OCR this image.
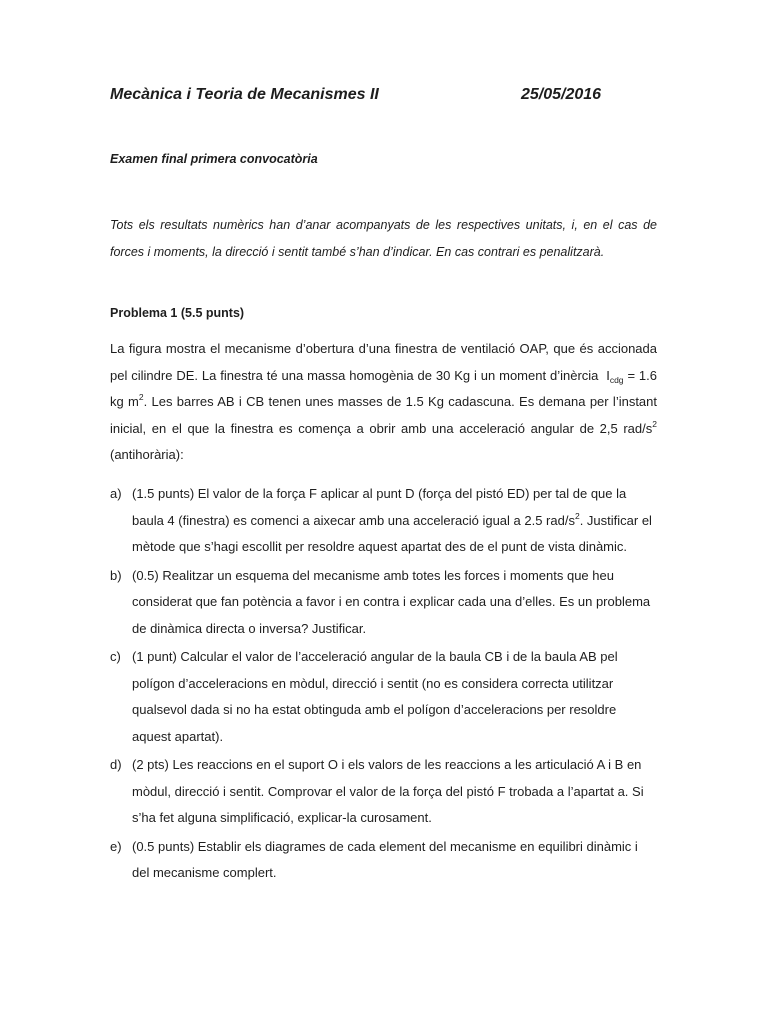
Mecànica i Teoria de Mecanismes II	25/05/2016
Examen final primera convocatòria

Tots els resultats numèrics han d’anar acompanyats de les respectives unitats, i, en el cas de forces i moments, la direcció i sentit també s’han d’indicar. En cas contrari es penalitzarà.

Problema 1 (5.5 punts)

La figura mostra el mecanisme d’obertura d’una finestra de ventilació OAP, que és accionada pel cilindre DE. La finestra té una massa homogènia de 30 Kg i un moment d’inèrcia $I_{cdg} = 1.6$ kg $m^2$. Les barres AB i CB tenen unes masses de 1.5 Kg cadascuna. Es demana per l’instant inicial, en el que la finestra es comença a obrir amb una acceleració angular de 2,5 rad/$s^2$ (antihorària):

a) (1.5 punts) El valor de la força F aplicar al punt D (força del pistó ED) per tal de que la baula 4 (finestra) es comenci a aixecar amb una acceleració igual a 2.5 rad/$s^2$. Justificar el mètode que s’hagi escollit per resoldre aquest apartat des de el punt de vista dinàmic.
b) (0.5) Realitzar un esquema del mecanisme amb totes les forces i moments que heu considerat que fan potència a favor i en contra i explicar cada una d’elles. Es un problema de dinàmica directa o inversa? Justificar.
c) (1 punt) Calcular el valor de l’acceleració angular de la baula CB i de la baula AB pel polígon d’acceleracions en mòdul, direcció i sentit (no es considera correcta utilitzar qualsevol dada si no ha estat obtinguda amb el polígon d’acceleracions per resoldre aquest apartat).
d) (2 pts) Les reaccions en el suport O i els valors de les reaccions a les articulació A i B en mòdul, direcció i sentit. Comprovar el valor de la força del pistó F trobada a l’apartat a. Si s’ha fet alguna simplificació, explicar-la curosament.
e) (0.5 punts) Establir els diagrames de cada element del mecanisme en equilibri dinàmic i del mecanisme complert.
